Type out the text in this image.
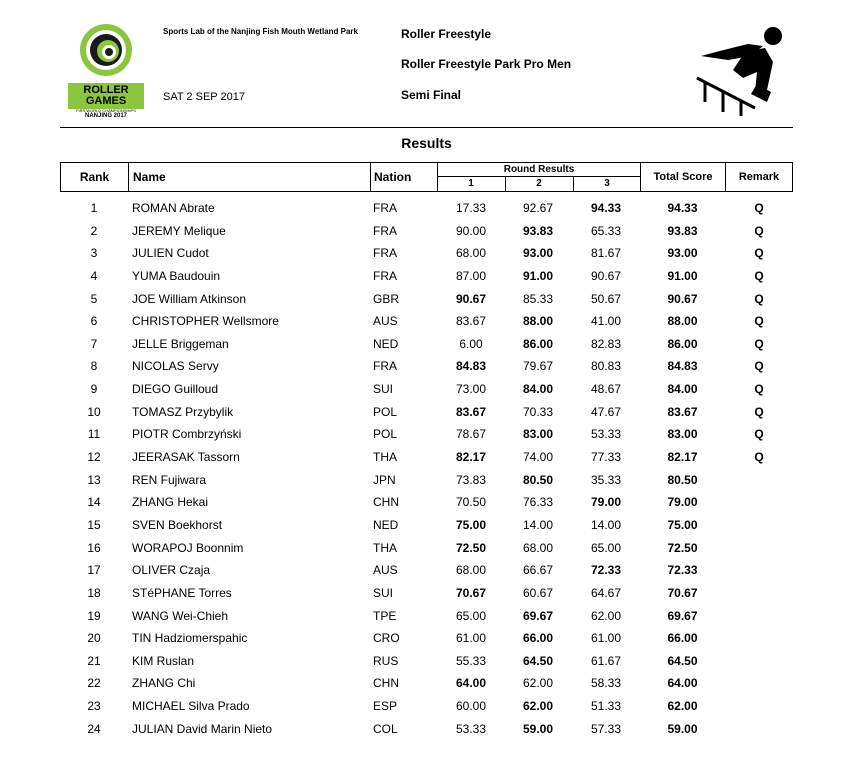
ROLLER
GAMES
FIRS WORLD CHAMPIONSHIPS
NANJING 2017
Sports Lab of the Nanjing Fish Mouth Wetland Park
SAT 2 SEP 2017
Roller Freestyle
Roller Freestyle Park Pro Men
Semi Final
Results
Rank Name	Nation
Round Results
1	2	3
Total Score Remark
1	ROMAN Abrate	FRA	17.33	92.67	94.33	94.33	Q
2	JEREMY Melique	FRA	90.00	93.83	65.33	93.83	Q
3	JULIEN Cudot	FRA	68.00	93.00	81.67	93.00	Q
4	YUMA Baudouin	FRA	87.00	91.00	90.67	91.00	Q
5	JOE William Atkinson	GBR	90.67	85.33	50.67	90.67	Q
6	CHRISTOPHER Wellsmore	AUS	83.67	88.00	41.00	88.00	Q
7	JELLE Briggeman	NED	6.00	86.00	82.83	86.00	Q
8	NICOLAS Servy	FRA	84.83	79.67	80.83	84.83	Q
9	DIEGO Guilloud	SUI	73.00	84.00	48.67	84.00	Q
10	TOMASZ Przybylik	POL	83.67	70.33	47.67	83.67	Q
11	PIOTR Combrzyński	POL	78.67	83.00	53.33	83.00	Q
12	JEERASAK Tassorn	THA	82.17	74.00	77.33	82.17	Q
13	REN Fujiwara	JPN	73.83	80.50	35.33	80.50
14	ZHANG Hekai	CHN	70.50	76.33	79.00	79.00
15	SVEN Boekhorst	NED	75.00	14.00	14.00	75.00
16	WORAPOJ Boonnim	THA	72.50	68.00	65.00	72.50
17	OLIVER Czaja	AUS	68.00	66.67	72.33	72.33
18	STéPHANE Torres	SUI	70.67	60.67	64.67	70.67
19	WANG Wei-Chieh	TPE	65.00	69.67	62.00	69.67
20	TIN Hadziomerspahic	CRO	61.00	66.00	61.00	66.00
21	KIM Ruslan	RUS	55.33	64.50	61.67	64.50
22	ZHANG Chi	CHN	64.00	62.00	58.33	64.00
23	MICHAEL Silva Prado	ESP	60.00	62.00	51.33	62.00
24	JULIAN David Marin Nieto	COL	53.33	59.00	57.33	59.00
